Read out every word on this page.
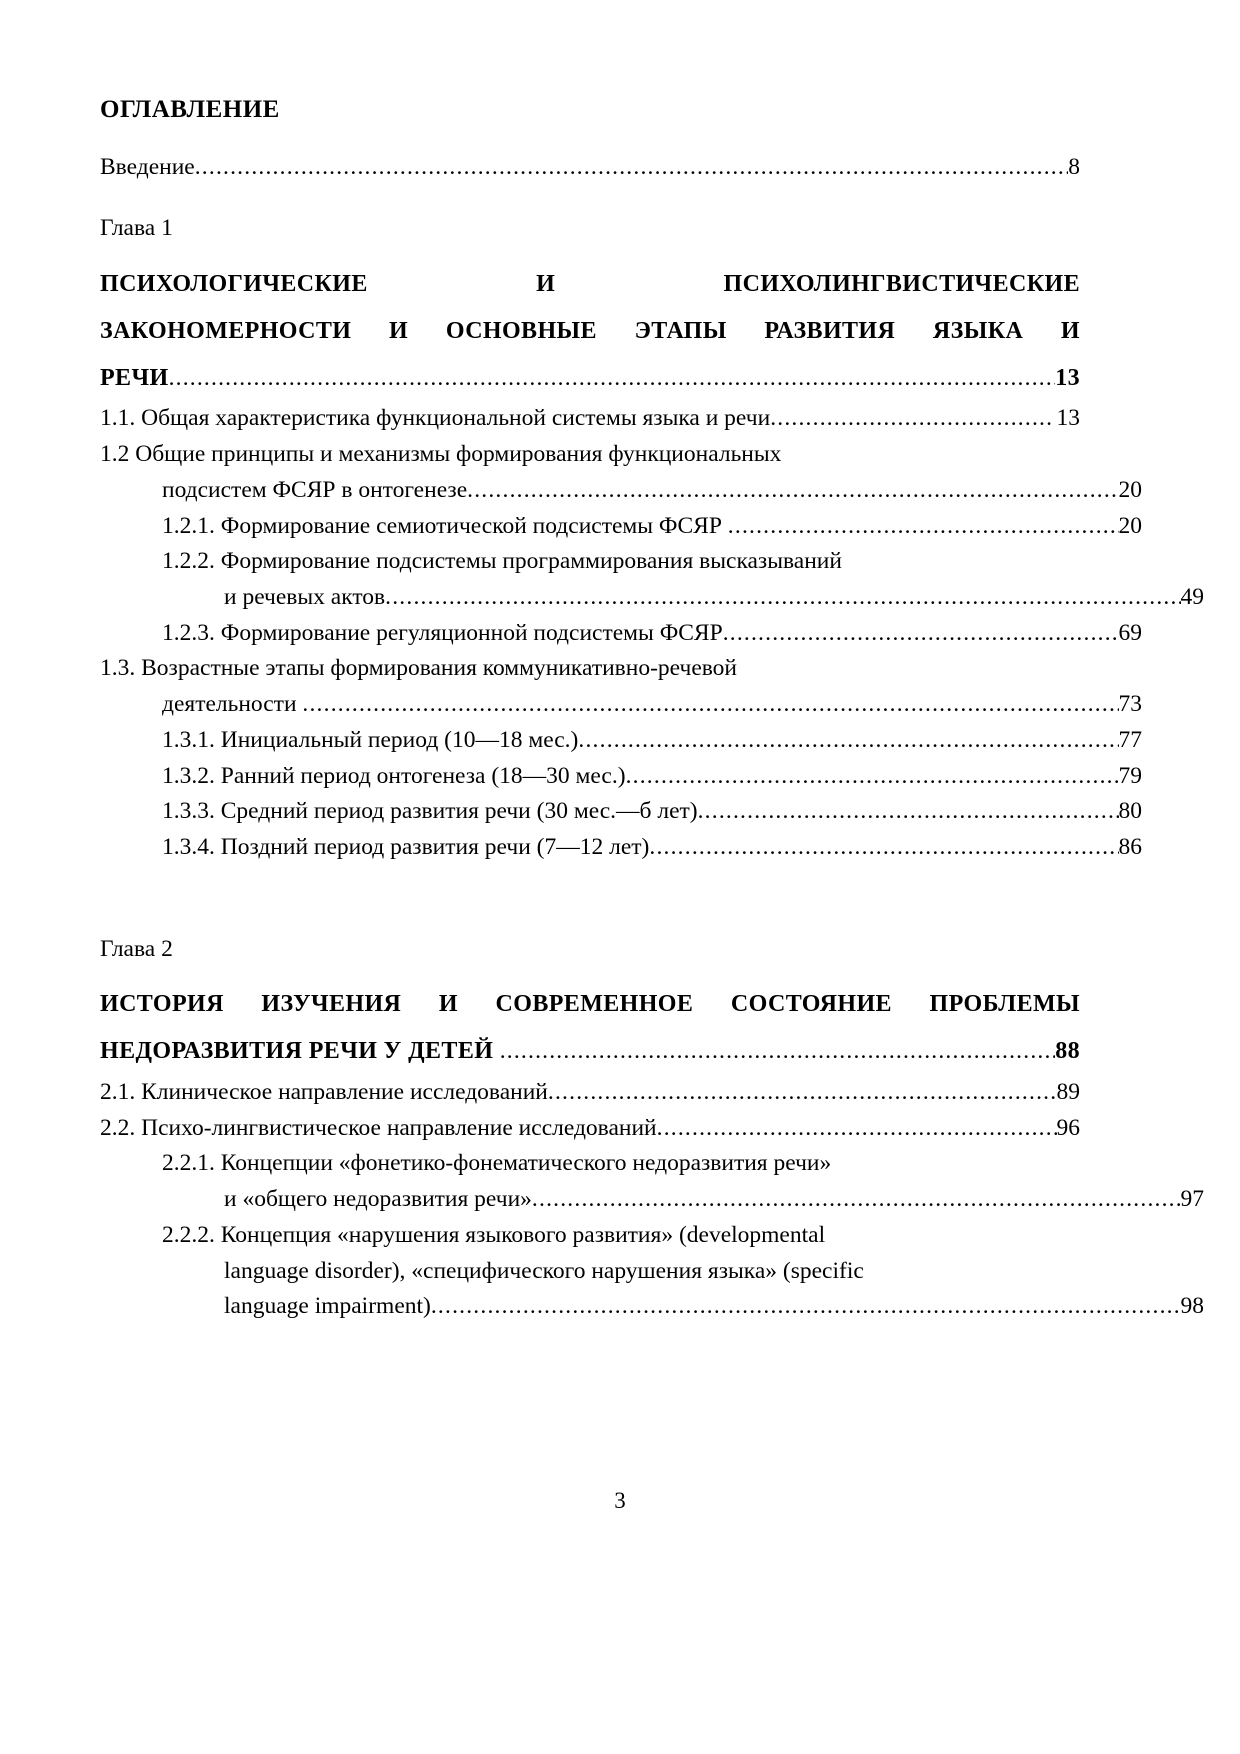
ОГЛАВЛЕНИЕ
Введение .....	8
Глава 1
ПСИХОЛОГИЧЕСКИЕ И ПСИХОЛИНГВИСТИЧЕСКИЕ
ЗАКОНОМЕРНОСТИ И ОСНОВНЫЕ ЭТАПЫ РАЗВИТИЯ ЯЗЫКА И
РЕЧИ .....	13
1.1. Общая характеристика функциональной системы языка и речи .....	13
1.2 Общие принципы и механизмы формирования функциональных
подсистем ФСЯР в онтогенезе .....	20
1.2.1. Формирование семиотической подсистемы ФСЯР .....	20
1.2.2. Формирование подсистемы программирования высказываний
и речевых актов .....	49
1.2.3. Формирование регуляционной подсистемы ФСЯР .....	69
1.3. Возрастные этапы формирования коммуникативно-речевой
деятельности .....	73
1.3.1. Инициальный период (10—18 мес.) .....	77
1.3.2. Ранний период онтогенеза (18—30 мес.) .....	79
1.3.3. Средний период развития речи (30 мес.—б лет) .....	80
1.3.4. Поздний период развития речи (7—12 лет) .....	86
Глава 2
ИСТОРИЯ ИЗУЧЕНИЯ И СОВРЕМЕННОЕ СОСТОЯНИЕ ПРОБЛЕМЫ
НЕДОРАЗВИТИЯ РЕЧИ У ДЕТЕЙ .....	88
2.1. Клиническое направление исследований .....	89
2.2. Психо-лингвистическое направление исследований .....	96
2.2.1. Концепции «фонетико-фонематического недоразвития речи»
и «общего недоразвития речи» .....	97
2.2.2. Концепция «нарушения языкового развития» (developmental
language disorder), «специфического нарушения языка» (specific
language impairment) .....	98
3
